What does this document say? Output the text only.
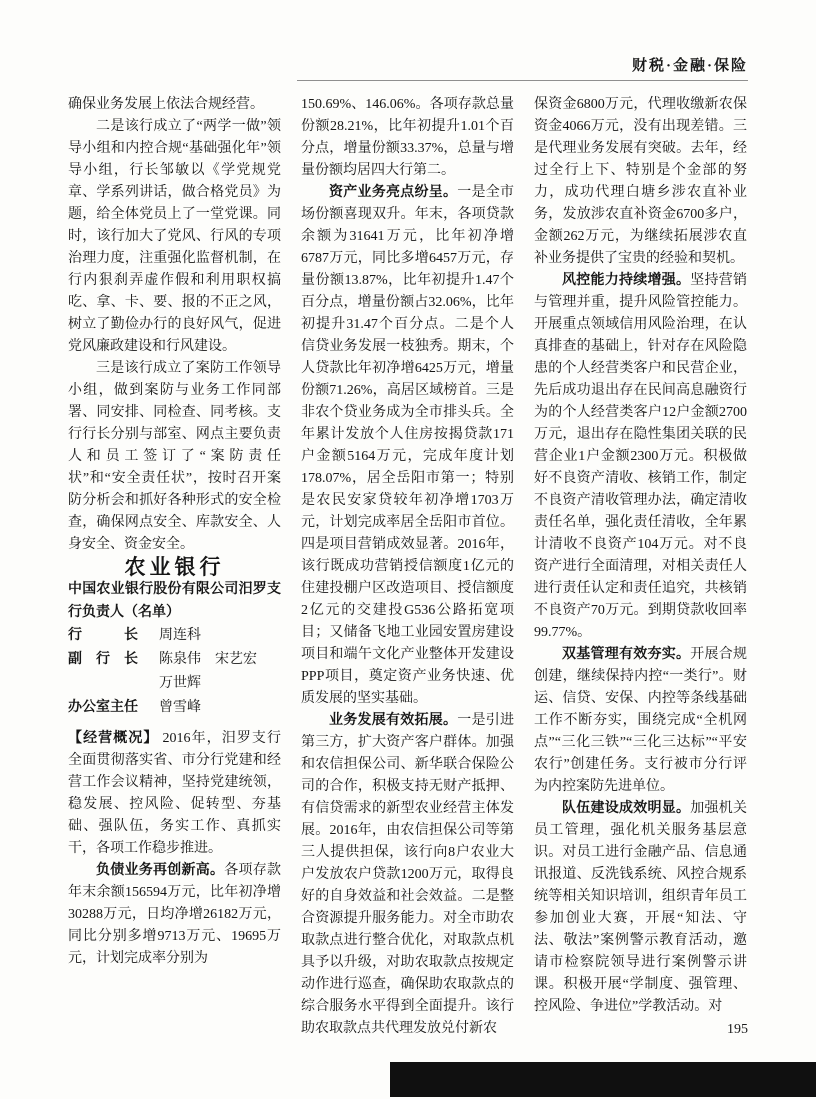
财税·金融·保险

确保业务发展上依法合规经营。

二是该行成立了“两学一做”领导小组和内控合规“基础强化年”领导小组，行长邹敏以《学党规党章、学系列讲话，做合格党员》为题，给全体党员上了一堂党课。同时，该行加大了党风、行风的专项治理力度，注重强化监督机制，在行内狠刹弄虚作假和利用职权搞吃、拿、卡、要、报的不正之风，树立了勤俭办行的良好风气，促进党风廉政建设和行风建设。

三是该行成立了案防工作领导小组，做到案防与业务工作同部署、同安排、同检查、同考核。支行行长分别与部室、网点主要负责人和员工签订了“案防责任状”和“安全责任状”，按时召开案防分析会和抓好各种形式的安全检查，确保网点安全、库款安全、人身安全、资金安全。

农业银行

中国农业银行股份有限公司汨罗支行负责人（名单）

行　　　长 周连科
副　行　长 陈泉伟　宋艺宏
万世辉
办公室主任 曾雪峰

【经营概况】 2016年，汨罗支行全面贯彻落实省、市分行党建和经营工作会议精神，坚持党建统领，稳发展、控风险、促转型、夯基础、强队伍，务实工作、真抓实干，各项工作稳步推进。

负债业务再创新高。各项存款年末余额156594万元，比年初净增30288万元，日均净增26182万元，同比分别多增9713万元、19695万元，计划完成率分别为

150.69%、146.06%。各项存款总量份额28.21%，比年初提升1.01个百分点，增量份额33.37%，总量与增量份额均居四大行第二。

资产业务亮点纷呈。一是全市场份额喜现双升。年末，各项贷款余额为31641万元，比年初净增6787万元，同比多增6457万元，存量份额13.87%，比年初提升1.47个百分点，增量份额占32.06%，比年初提升31.47个百分点。二是个人信贷业务发展一枝独秀。期末，个人贷款比年初净增6425万元，增量份额71.26%，高居区域榜首。三是非农个贷业务成为全市排头兵。全年累计发放个人住房按揭贷款171户金额5164万元，完成年度计划178.07%，居全岳阳市第一；特别是农民安家贷较年初净增1703万元，计划完成率居全岳阳市首位。四是项目营销成效显著。2016年，该行既成功营销授信额度1亿元的住建投棚户区改造项目、授信额度2亿元的交建投G536公路拓宽项目；又储备飞地工业园安置房建设项目和端午文化产业整体开发建设PPP项目，奠定资产业务快速、优质发展的坚实基础。

业务发展有效拓展。一是引进第三方，扩大资产客户群体。加强和农信担保公司、新华联合保险公司的合作，积极支持无财产抵押、有信贷需求的新型农业经营主体发展。2016年，由农信担保公司等第三人提供担保，该行向8户农业大户发放农户贷款1200万元，取得良好的自身效益和社会效益。二是整合资源提升服务能力。对全市助农取款点进行整合优化，对取款点机具予以升级，对助农取款点按规定动作进行巡查，确保助农取款点的综合服务水平得到全面提升。该行助农取款点共代理发放兑付新农

保资金6800万元，代理收缴新农保资金4066万元，没有出现差错。三是代理业务发展有突破。去年，经过全行上下、特别是个金部的努力，成功代理白塘乡涉农直补业务，发放涉农直补资金6700多户，金额262万元，为继续拓展涉农直补业务提供了宝贵的经验和契机。

风控能力持续增强。坚持营销与管理并重，提升风险管控能力。开展重点领域信用风险治理，在认真排查的基础上，针对存在风险隐患的个人经营类客户和民营企业，先后成功退出存在民间高息融资行为的个人经营类客户12户金额2700万元，退出存在隐性集团关联的民营企业1户金额2300万元。积极做好不良资产清收、核销工作，制定不良资产清收管理办法，确定清收责任名单，强化责任清收，全年累计清收不良资产104万元。对不良资产进行全面清理，对相关责任人进行责任认定和责任追究，共核销不良资产70万元。到期贷款收回率99.77%。

双基管理有效夯实。开展合规创建，继续保持内控“一类行”。财运、信贷、安保、内控等条线基础工作不断夯实，围绕完成“全机网点”“三化三铁”“三化三达标”“平安农行”创建任务。支行被市分行评为内控案防先进单位。

队伍建设成效明显。加强机关员工管理，强化机关服务基层意识。对员工进行金融产品、信息通讯报道、反洗钱系统、风控合规系统等相关知识培训，组织青年员工参加创业大赛，开展“知法、守法、敬法”案例警示教育活动，邀请市检察院领导进行案例警示讲课。积极开展“学制度、强管理、控风险、争进位”学教活动。对

195
